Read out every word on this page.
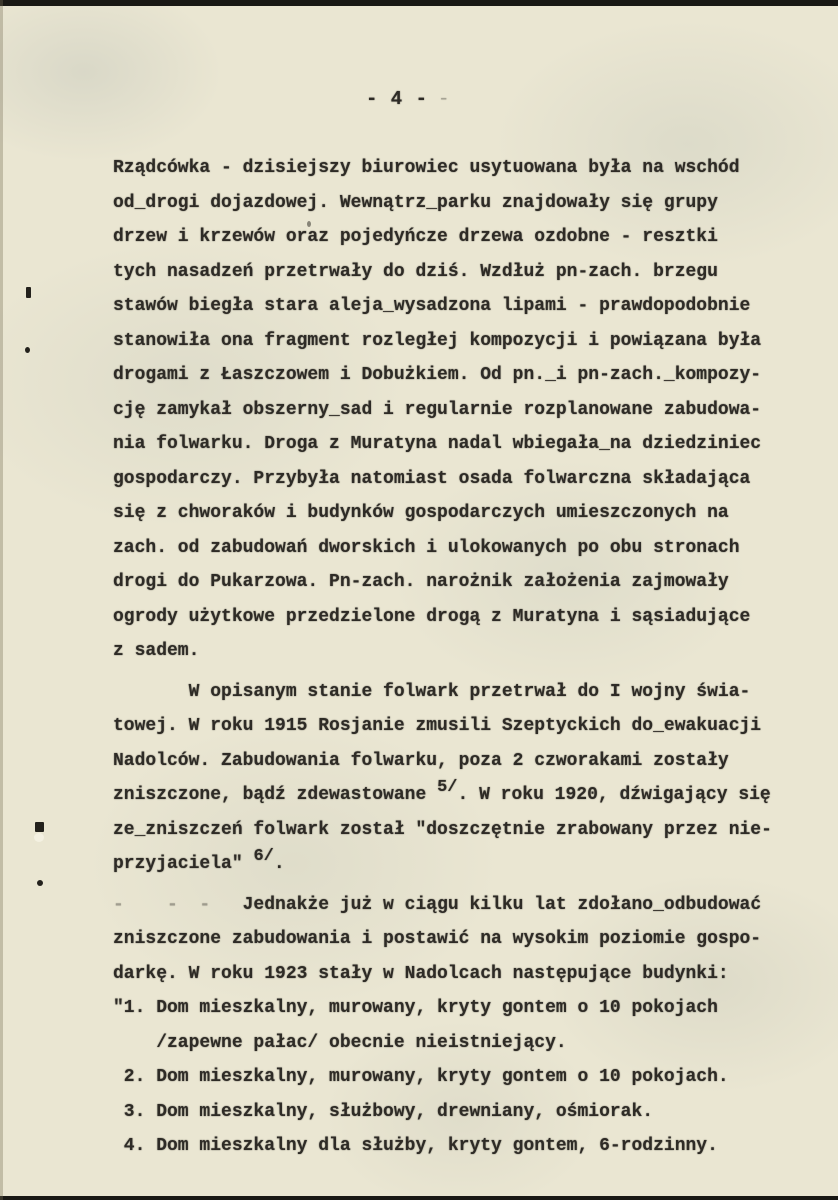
- 4 - -
Rządcówka - dzisiejszy biurowiec usytuowana była na wschód
od_drogi dojazdowej. Wewnątrz_parku znajdowały się grupy
drzew i krzewów oraz pojedyńcze drzewa ozdobne - resztki
tych nasadzeń przetrwały do dziś. Wzdłuż pn-zach. brzegu
stawów biegła stara aleja_wysadzona lipami - prawdopodobnie
stanowiła ona fragment rozległej kompozycji i powiązana była
drogami z Łaszczowem i Dobużkiem. Od pn._i pn-zach._kompozy-
cję zamykał obszerny_sad i regularnie rozplanowane zabudowa-
nia folwarku. Droga z Muratyna nadal wbiegała_na dziedziniec
gospodarczy. Przybyła natomiast osada folwarczna składająca
się z chworaków i budynków gospodarczych umieszczonych na
zach. od zabudowań dworskich i ulokowanych po obu stronach
drogi do Pukarzowa. Pn-zach. narożnik założenia zajmowały
ogrody użytkowe przedzielone drogą z Muratyna i sąsiadujące
z sadem.
W opisanym stanie folwark przetrwał do I wojny świa-
towej. W roku 1915 Rosjanie zmusili Szeptyckich do_ewakuacji
Nadolców. Zabudowania folwarku, poza 2 czworakami zostały
zniszczone, bądź zdewastowane 5/. W roku 1920, dźwigający się
ze_zniszczeń folwark został "doszczętnie zrabowany przez nie-
przyjaciela" 6/.
-    -  -   Jednakże już w ciągu kilku lat zdołano_odbudować
zniszczone zabudowania i postawić na wysokim poziomie gospo-
darkę. W roku 1923 stały w Nadolcach następujące budynki:
"1. Dom mieszkalny, murowany, kryty gontem o 10 pokojach
/zapewne pałac/ obecnie nieistniejący.
2. Dom mieszkalny, murowany, kryty gontem o 10 pokojach.
3. Dom mieszkalny, służbowy, drewniany, ośmiorak.
4. Dom mieszkalny dla służby, kryty gontem, 6-rodzinny.
